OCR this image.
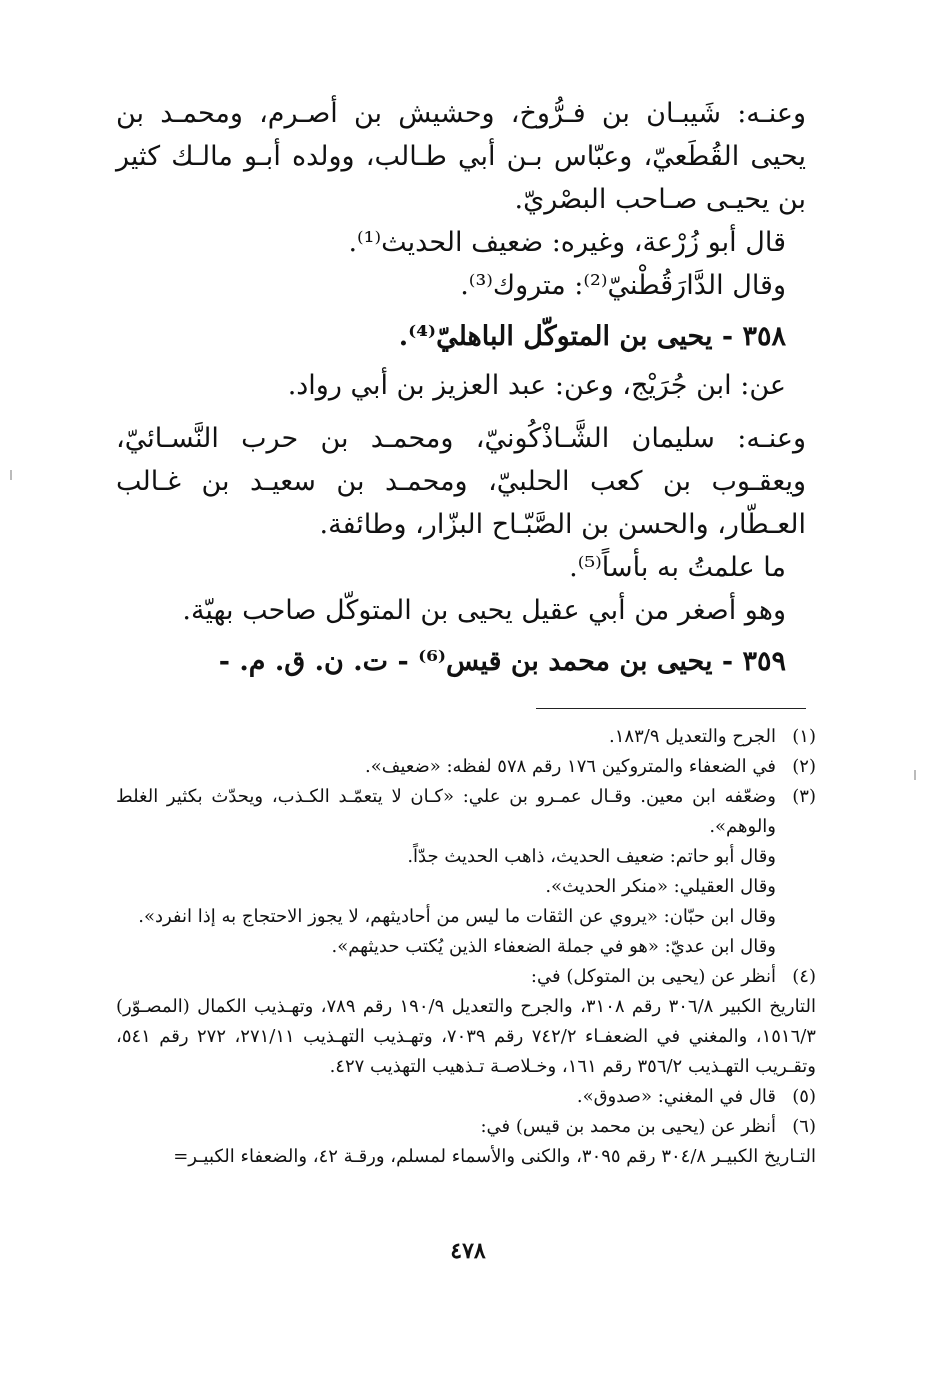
وعنـه: شَيبـان بن فـرُّوخ، وحشيش بن أصـرم، ومحمـد بن يحيى القُطَعيّ، وعبّاس بـن أبي طـالب، وولده أبـو مالـك كثير بن يحيـى صـاحب البصْريّ.

قال أبو زُرْعة، وغيره: ضعيف الحديث⁽¹⁾.

وقال الدَّارَقُطْنيّ⁽²⁾: متروك⁽³⁾.

٣٥٨ - يحيى بن المتوكّل الباهليّ⁽⁴⁾.

عن: ابن جُرَيْج، وعن: عبد العزيز بن أبي رواد.

وعنـه: سليمان الشَّـاذْكُونيّ، ومحمـد بن حرب النَّسـائيّ، ويعقـوب بن كعب الحلبيّ، ومحمـد بن سعيـد بن غـالب العـطّار، والحسن بن الصَّبّـاح البزّار، وطائفة.

ما علمتُ به بأساً⁽⁵⁾.

وهو أصغر من أبي عقيل يحيى بن المتوكّل صاحب بهيّة.

٣٥٩ - يحيى بن محمد بن قيس⁽⁶⁾ - ت. ن. ق. م. -

(١)
الجرح والتعديل ١٨٣/٩.
(٢)
في الضعفاء والمتروكين ١٧٦ رقم ٥٧٨ لفظه: «ضعيف».
(٣)
وضعّفه ابن معين. وقـال عمـرو بن علي: «كـان لا يتعمّـد الكـذب، ويحدّث بكثير الغلط والوهم».
وقال أبو حاتم: ضعيف الحديث، ذاهب الحديث جدّاً.
وقال العقيلي: «منكر الحديث».
وقال ابن حبّان: «يروي عن الثقات ما ليس من أحاديثهم، لا يجوز الاحتجاج به إذا انفرد».
وقال ابن عديّ: «هو في جملة الضعفاء الذين يُكتب حديثهم».
(٤)
أنظر عن (يحيى بن المتوكل) في:
التاريخ الكبير ٣٠٦/٨ رقم ٣١٠٨، والجرح والتعديل ١٩٠/٩ رقم ٧٨٩، وتهـذيب الكمال (المصـوّر) ١٥١٦/٣، والمغني في الضعفـاء ٧٤٢/٢ رقم ٧٠٣٩، وتهـذيب التهـذيب ٢٧١/١١، ٢٧٢ رقم ٥٤١، وتقـريب التهـذيب ٣٥٦/٢ رقم ١٦١، وخـلاصـة تـذهيب التهذيب ٤٢٧.
(٥)
قال في المغني: «صدوق».
(٦)
أنظر عن (يحيى بن محمد بن قيس) في:
التـاريخ الكبيـر ٣٠٤/٨ رقم ٣٠٩٥، والكنى والأسماء لمسلم، ورقـة ٤٢، والضعفاء الكبيـر=
٤٧٨
